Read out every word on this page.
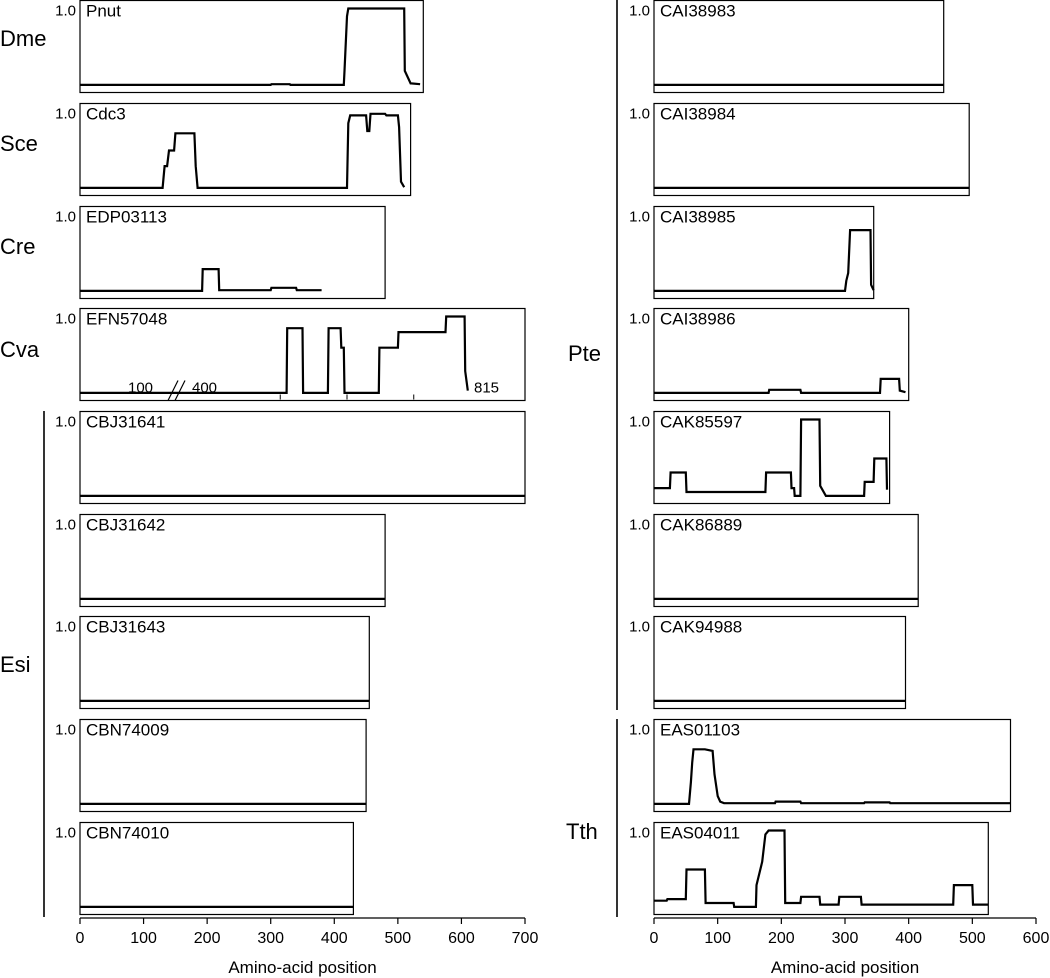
1.0 Pnut
1.0 Cdc3
1.0 EDP03113
1.0 EFN57048
100	400	815
1.0 CBJ31641
1.0 CBJ31642
1.0 CBJ31643
1.0 CBN74009
1.0 CBN74010
1.0 CAI38983
1.0 CAI38984
1.0 CAI38985
1.0 CAI38986
1.0 CAK85597
1.0 CAK86889
1.0 CAK94988
1.0 EAS01103
1.0 EAS04011
0	100 200 300 400 500 600 700
Amino-acid position
0	100 200 300 400 500 600
Amino-acid position
Dme
Sce
Cre
Cva
Esi
Pte
Tth
